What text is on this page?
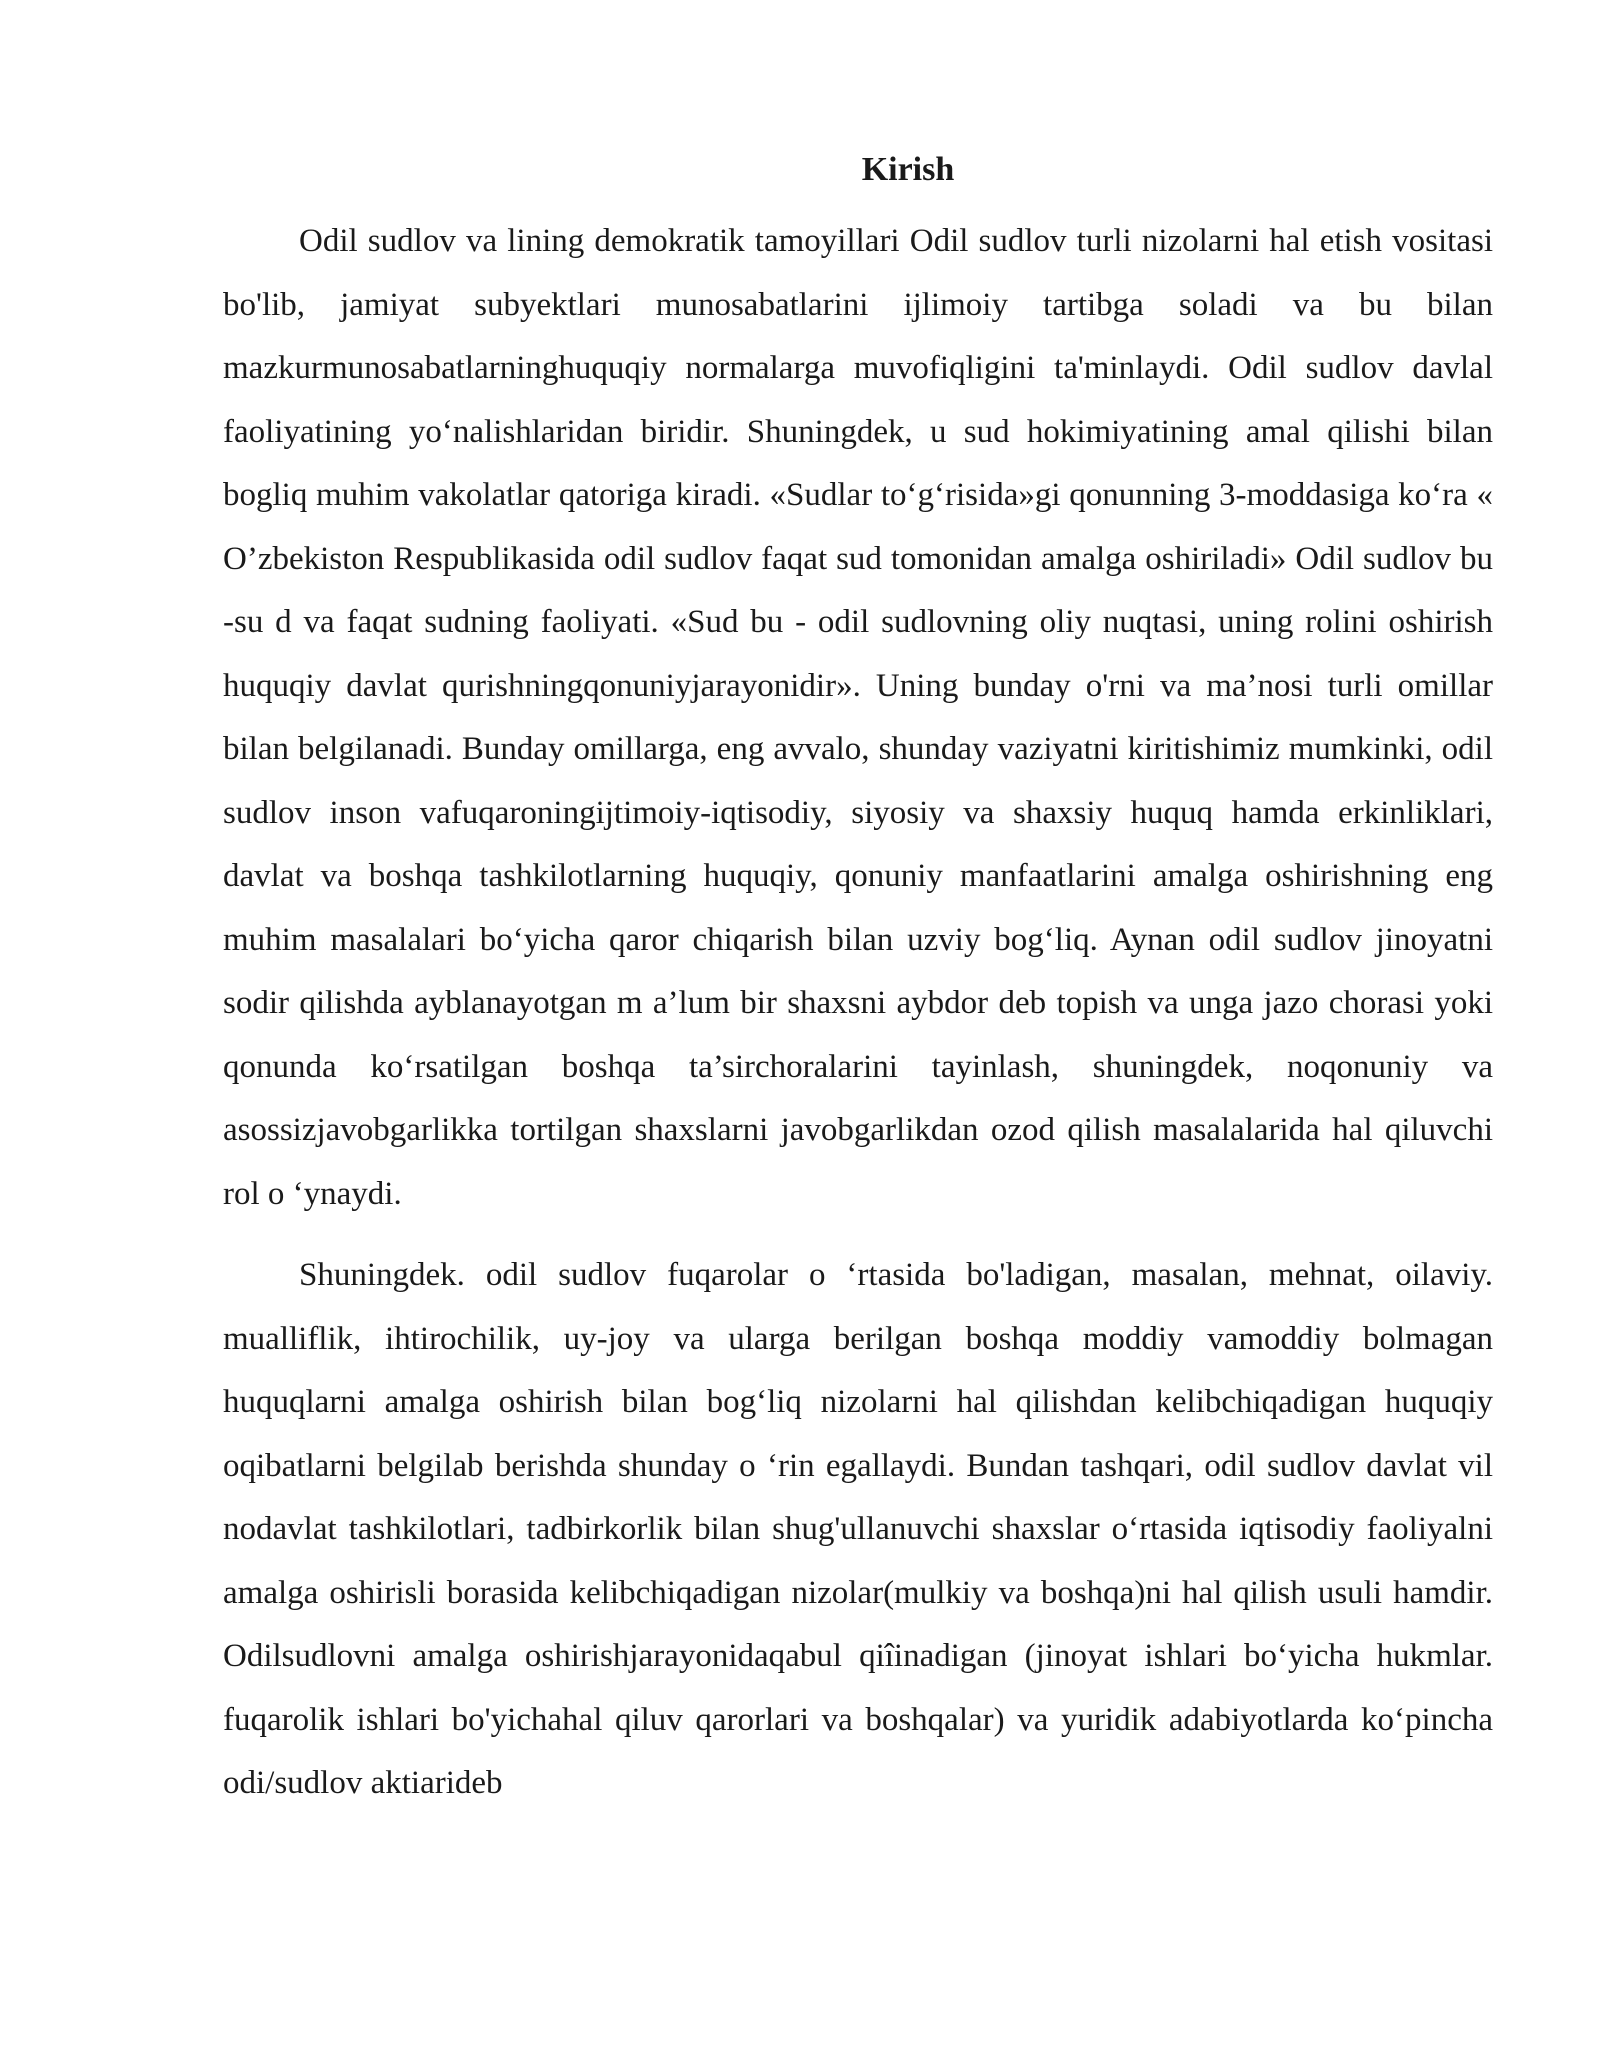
Kirish

Odil sudlov va lining demokratik tamoyillari Odil sudlov turli nizolarni hal etish vositasi bo'lib, jamiyat subyektlari munosabatlarini ijlimoiy tartibga soladi va bu bilan mazkurmunosabatlarninghuquqiy normalarga muvofiqligini ta'minlaydi. Odil sudlov davlal faoliyatining yo‘nalishlaridan biridir. Shuningdek, u sud hokimiyatining amal qilishi bilan bogliq muhim vakolatlar qatoriga kiradi. «Sudlar to‘g‘risida»gi qonunning 3-moddasiga ko‘ra « O’zbekiston Respublikasida odil sudlov faqat sud tomonidan amalga oshiriladi» Odil sudlov bu -su d va faqat sudning faoliyati. «Sud bu - odil sudlovning oliy nuqtasi, uning rolini oshirish huquqiy davlat qurishningqonuniyjarayonidir». Uning bunday o'rni va ma’nosi turli omillar bilan belgilanadi. Bunday omillarga, eng avvalo, shunday vaziyatni kiritishimiz mumkinki, odil sudlov inson vafuqaroningijtimoiy-iqtisodiy, siyosiy va shaxsiy huquq hamda erkinliklari, davlat va boshqa tashkilotlarning huquqiy, qonuniy manfaatlarini amalga oshirishning eng muhim masalalari bo‘yicha qaror chiqarish bilan uzviy bog‘liq. Aynan odil sudlov jinoyatni sodir qilishda ayblanayotgan m a’lum bir shaxsni aybdor deb topish va unga jazo chorasi yoki qonunda ko‘rsatilgan boshqa ta’sirchoralarini tayinlash, shuningdek, noqonuniy va asossizjavobgarlikka tortilgan shaxslarni javobgarlikdan ozod qilish masalalarida hal qiluvchi rol o ‘ynaydi.

Shuningdek. odil sudlov fuqarolar o ‘rtasida bo'ladigan, masalan, mehnat, oilaviy. mualliflik, ihtirochilik, uy-joy va ularga berilgan boshqa moddiy vamoddiy bolmagan huquqlarni amalga oshirish bilan bog‘liq nizolarni hal qilishdan kelibchiqadigan huquqiy oqibatlarni belgilab berishda shunday o ‘rin egallaydi. Bundan tashqari, odil sudlov davlat vil nodavlat tashkilotlari, tadbirkorlik bilan shug'ullanuvchi shaxslar o‘rtasida iqtisodiy faoliyalni amalga oshirisli borasida kelibchiqadigan nizolar(mulkiy va boshqa)ni hal qilish usuli hamdir. Odilsudlovni amalga oshirishjarayonidaqabul qiîinadigan (jinoyat ishlari bo‘yicha hukmlar. fuqarolik ishlari bo'yichahal qiluv qarorlari va boshqalar) va yuridik adabiyotlarda ko‘pincha odi/sudlov aktiarideb
